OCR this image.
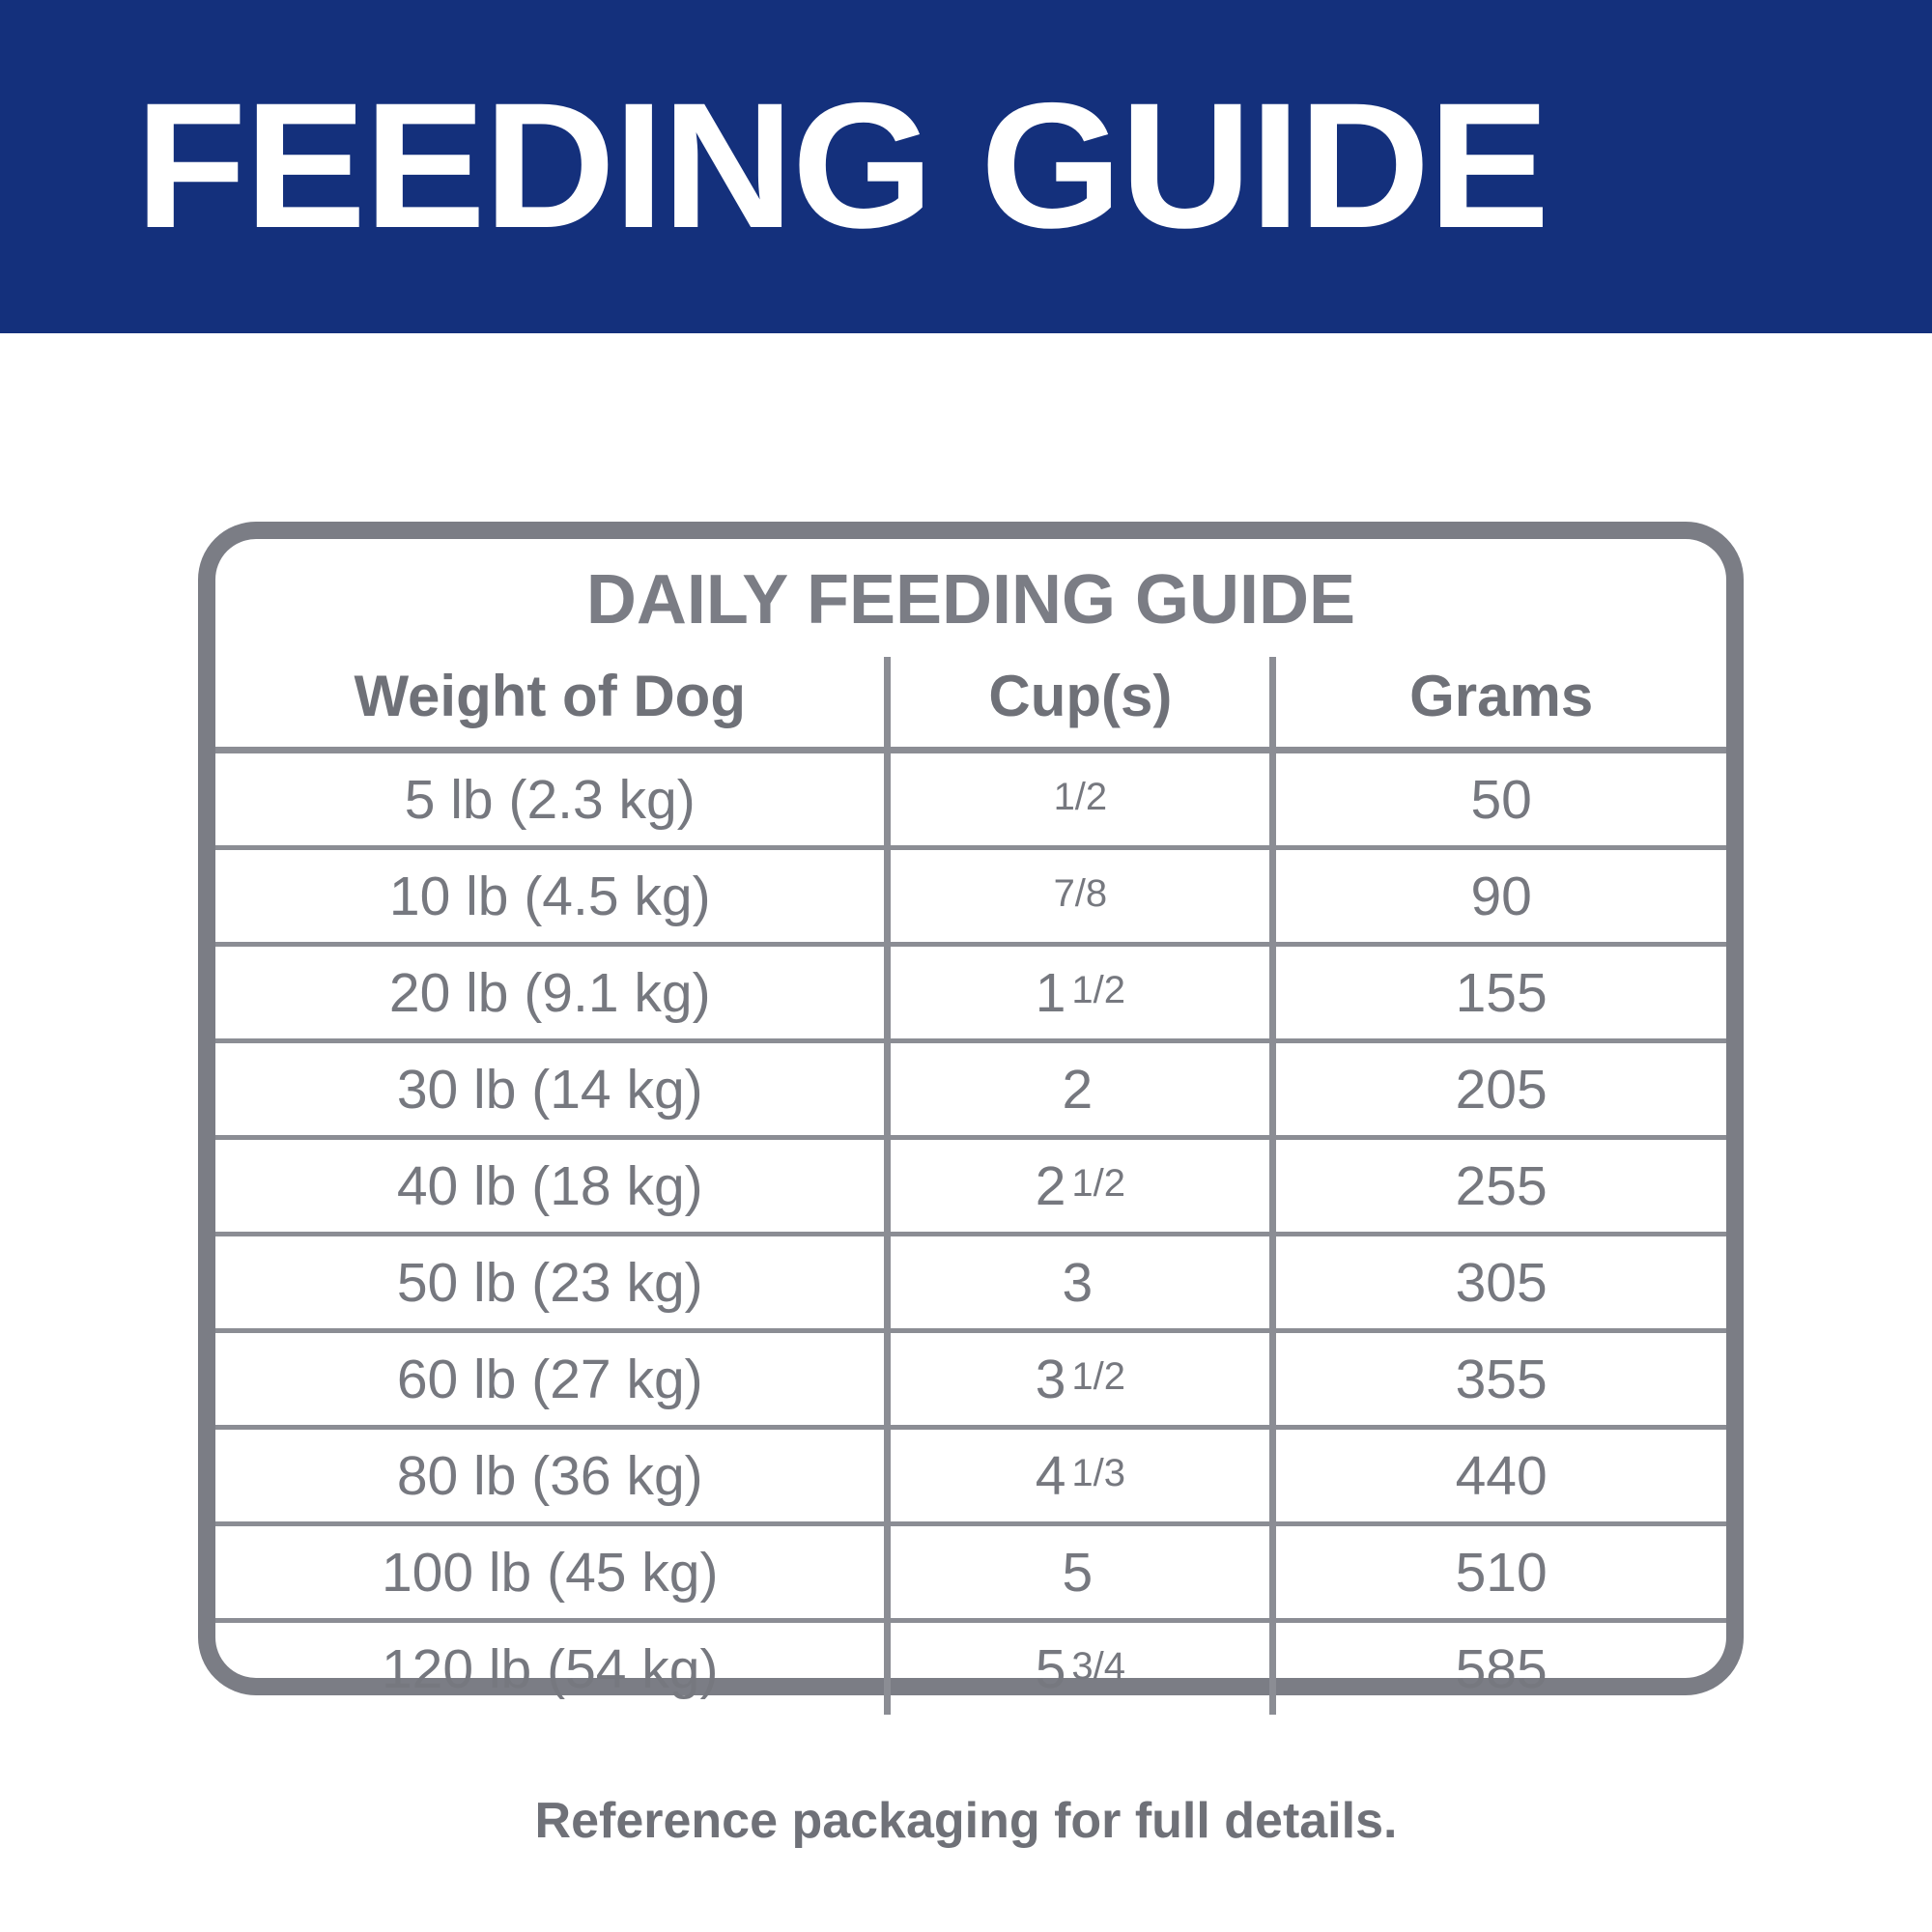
FEEDING GUIDE
DAILY FEEDING GUIDE
Weight of Dog	Cup(s)	Grams
5 lb (2.3 kg)	1/2	50
10 lb (4.5 kg)	7/8	90
20 lb (9.1 kg)	1 1/2	155
30 lb (14 kg)	2	205
40 lb (18 kg)	2 1/2	255
50 lb (23 kg)	3	305
60 lb (27 kg)	3 1/2	355
80 lb (36 kg)	4 1/3	440
100 lb (45 kg)	5	510
120 lb (54 kg)	5 3/4	585
Reference packaging for full details.
